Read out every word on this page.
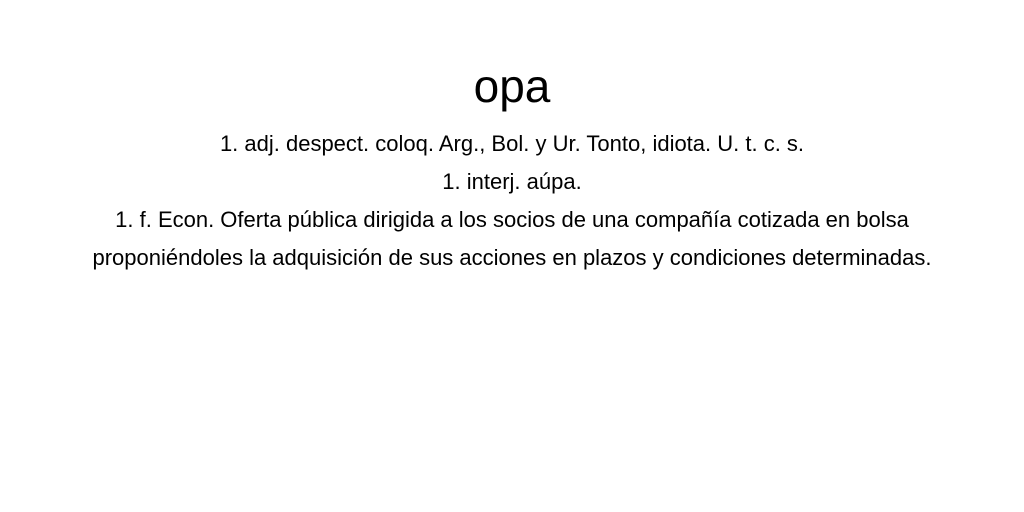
opa

1. adj. despect. coloq. Arg., Bol. y Ur. Tonto, idiota. U. t. c. s.

1. interj. aúpa.

1. f. Econ. Oferta pública dirigida a los socios de una compañía cotizada en bolsa proponiéndoles la adquisición de sus acciones en plazos y condiciones determinadas.
